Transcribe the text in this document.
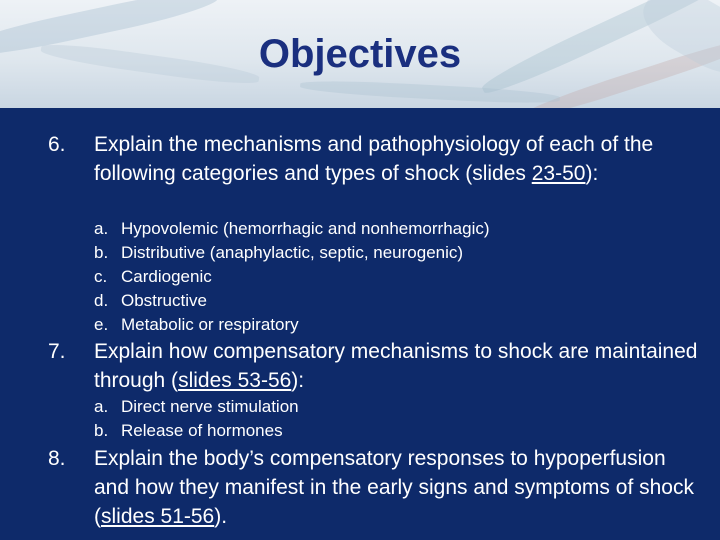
Objectives
6. Explain the mechanisms and pathophysiology of each of the following categories and types of shock (slides 23-50):
a. Hypovolemic (hemorrhagic and nonhemorrhagic)
b. Distributive (anaphylactic, septic, neurogenic)
c. Cardiogenic
d. Obstructive
e. Metabolic or respiratory
7. Explain how compensatory mechanisms to shock are maintained through (slides 53-56):
a. Direct nerve stimulation
b. Release of hormones
8. Explain the body’s compensatory responses to hypoperfusion and how they manifest in the early signs and symptoms of shock (slides 51-56).
